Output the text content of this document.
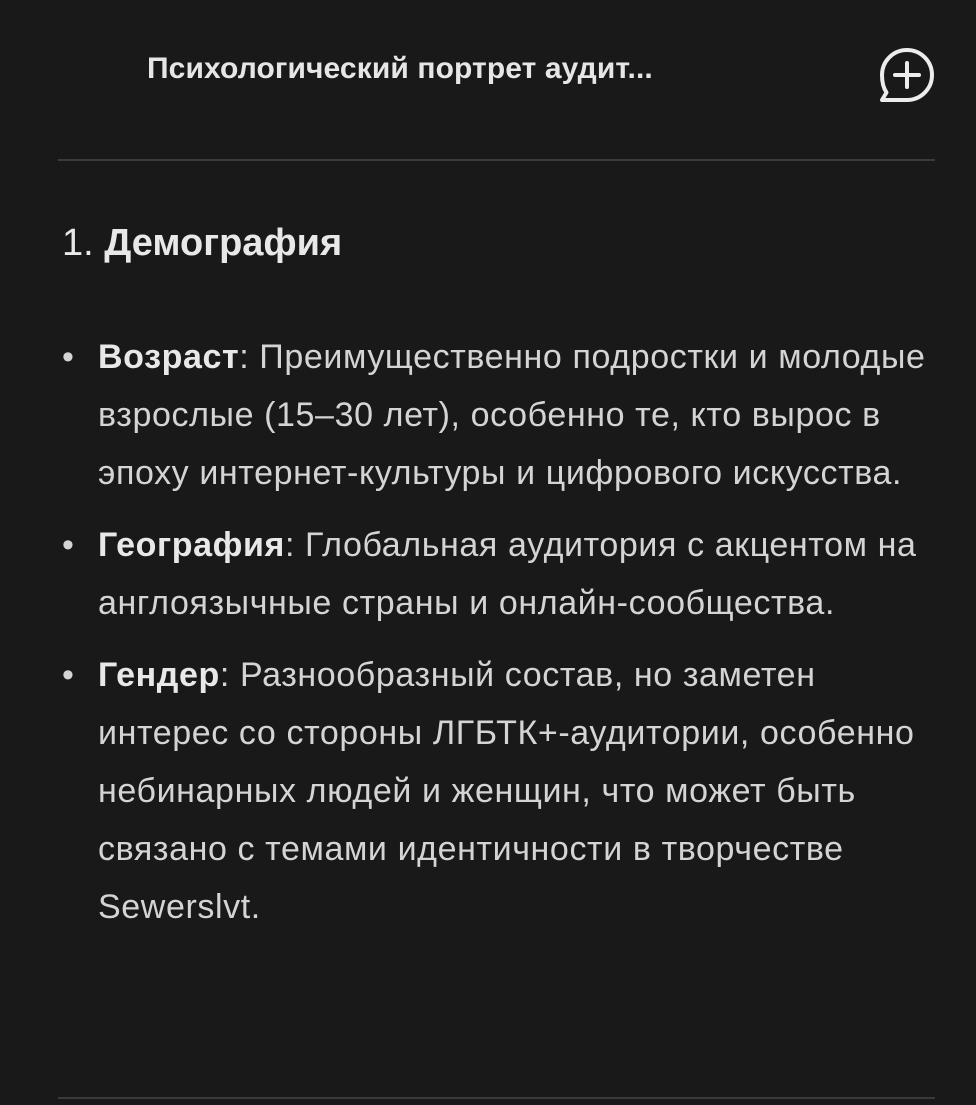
Психологический портрет аудит...
1. Демография
• Возраст: Преимущественно подростки и молодые взрослые (15–30 лет), особенно те, кто вырос в эпоху интернет-культуры и цифрового искусства.
• География: Глобальная аудитория с акцентом на англоязычные страны и онлайн-сообщества.
• Гендер: Разнообразный состав, но заметен интерес со стороны ЛГБТК+-аудитории, особенно небинарных людей и женщин, что может быть связано с темами идентичности в творчестве Sewerslvt.
